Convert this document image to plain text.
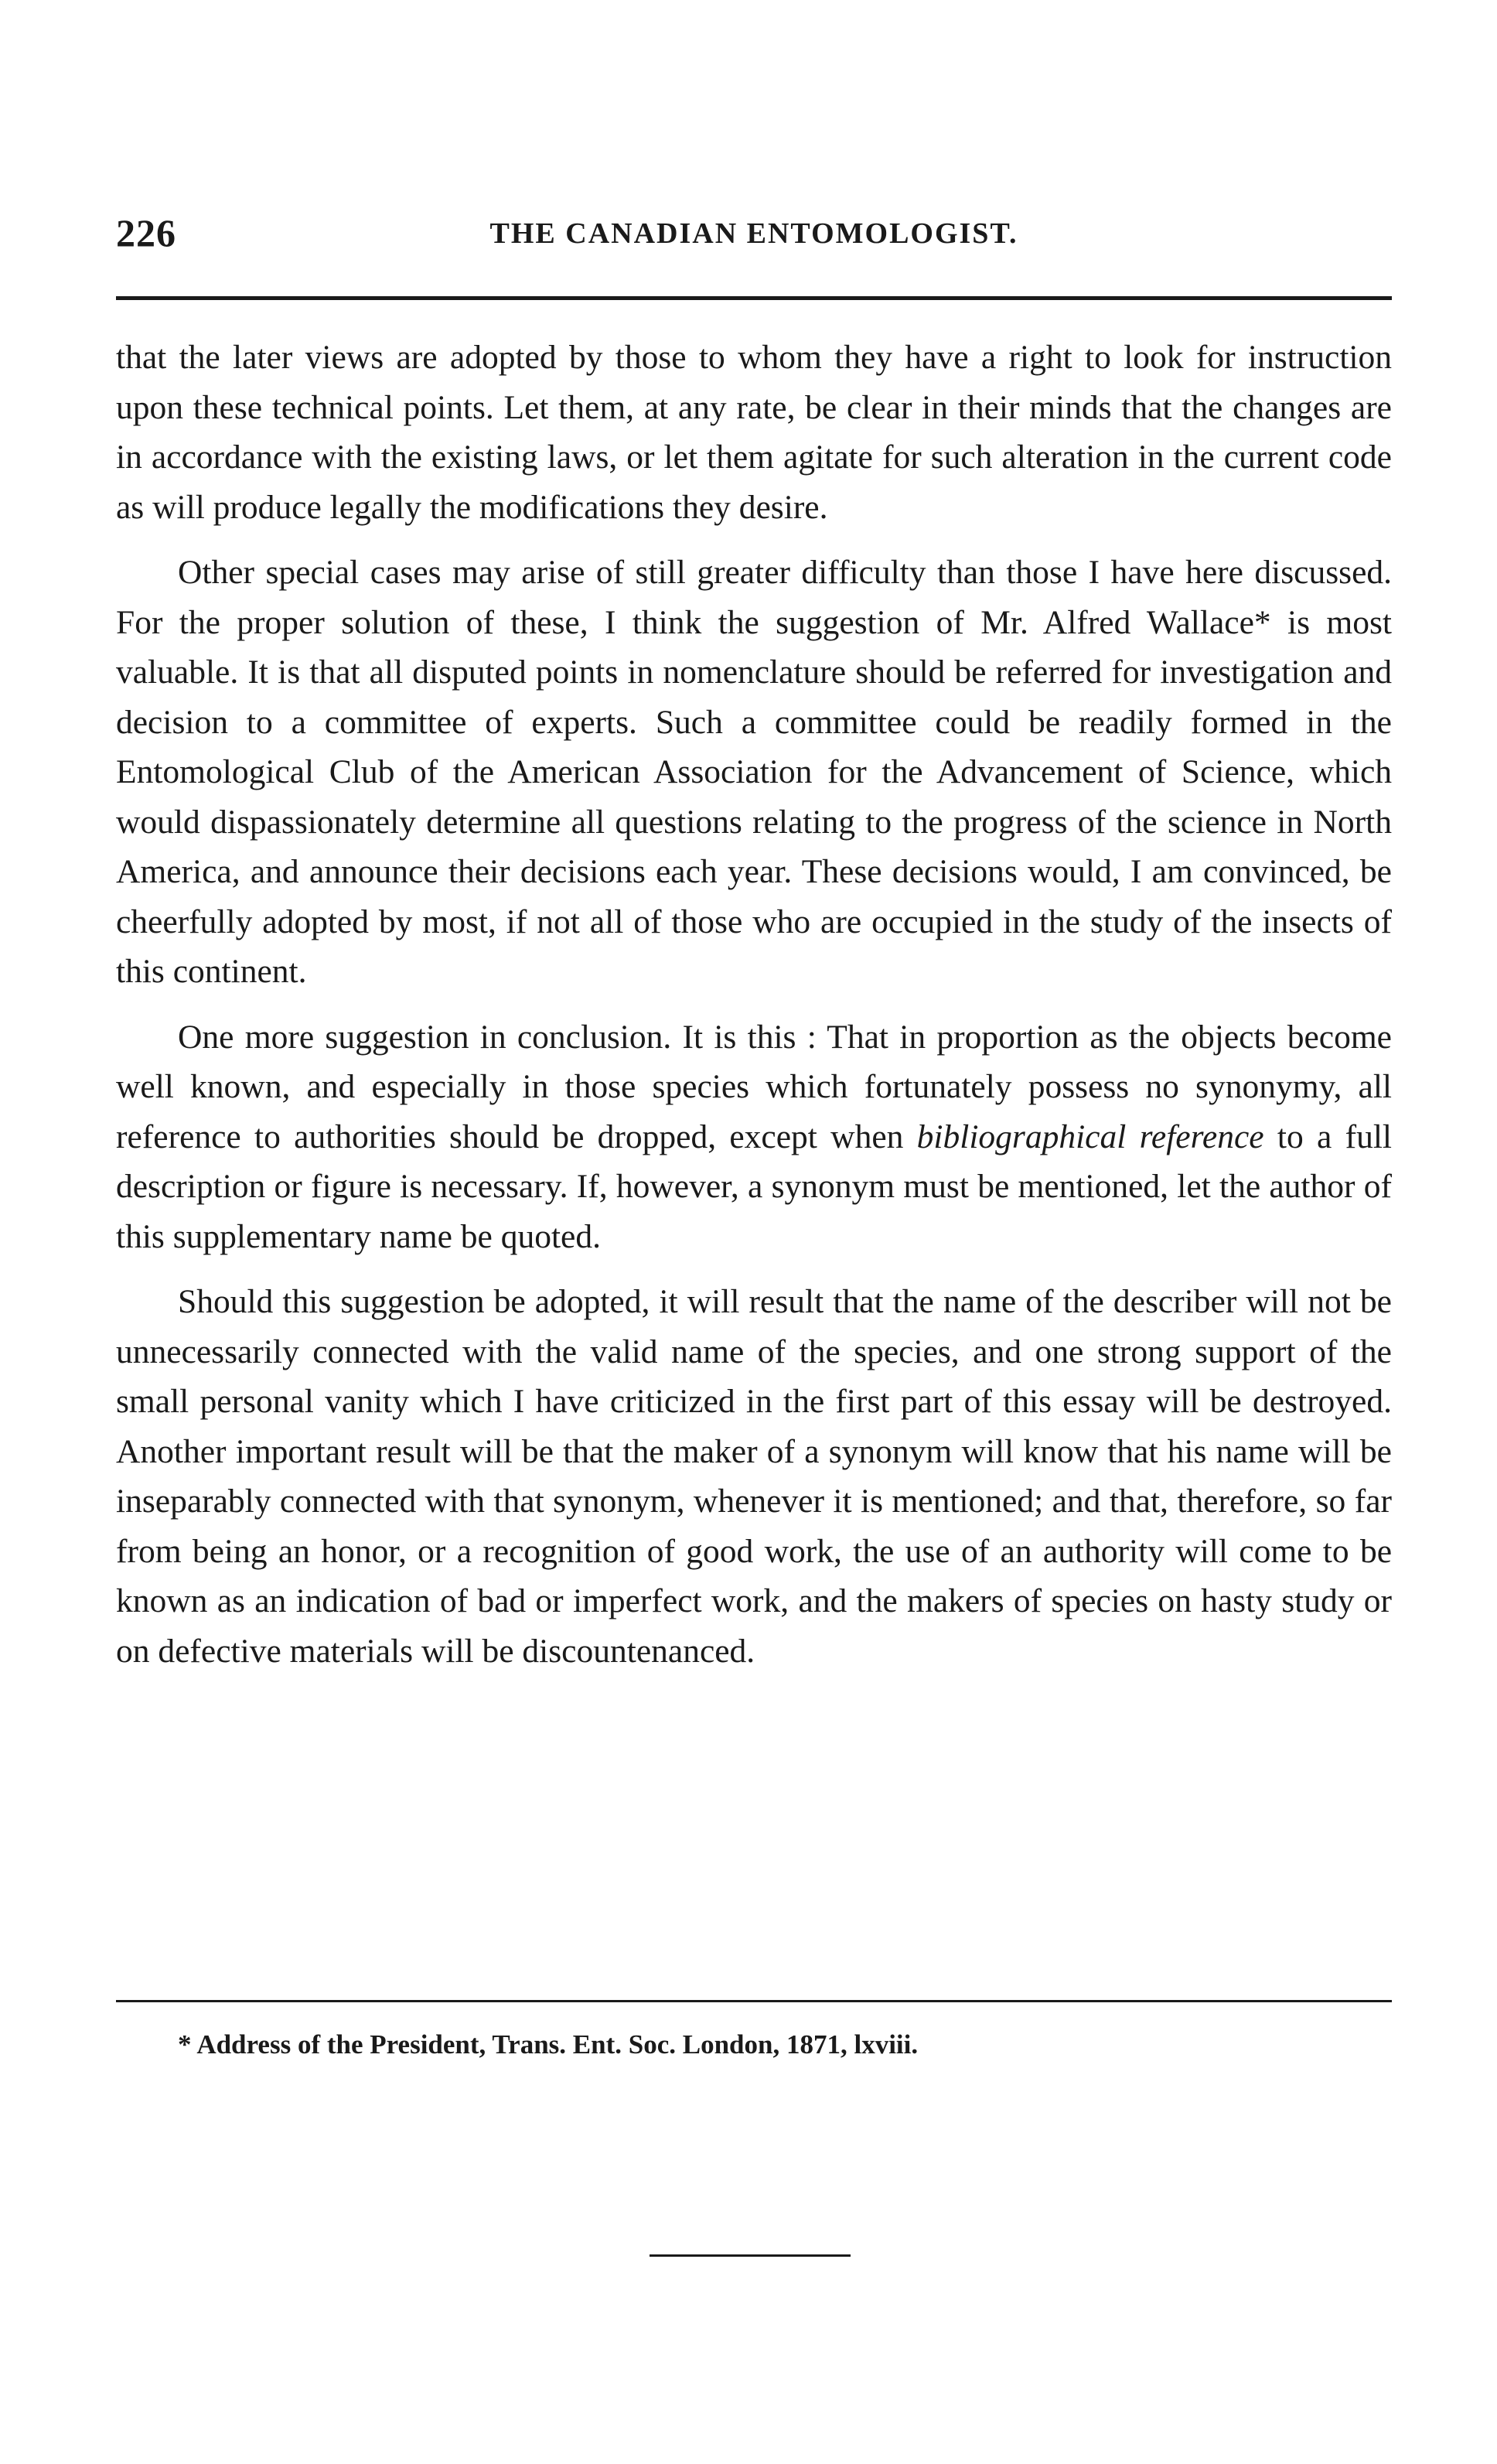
226	THE CANADIAN ENTOMOLOGIST.

that the later views are adopted by those to whom they have a right to look for instruction upon these technical points. Let them, at any rate, be clear in their minds that the changes are in accordance with the existing laws, or let them agitate for such alteration in the current code as will produce legally the modifications they desire.

Other special cases may arise of still greater difficulty than those I have here discussed. For the proper solution of these, I think the suggestion of Mr. Alfred Wallace* is most valuable. It is that all disputed points in nomenclature should be referred for investigation and decision to a committee of experts. Such a committee could be readily formed in the Entomological Club of the American Association for the Advancement of Science, which would dispassionately determine all questions relating to the progress of the science in North America, and announce their decisions each year. These decisions would, I am convinced, be cheerfully adopted by most, if not all of those who are occupied in the study of the insects of this continent.

One more suggestion in conclusion. It is this : That in proportion as the objects become well known, and especially in those species which fortunately possess no synonymy, all reference to authorities should be dropped, except when bibliographical reference to a full description or figure is necessary. If, however, a synonym must be mentioned, let the author of this supplementary name be quoted.

Should this suggestion be adopted, it will result that the name of the describer will not be unnecessarily connected with the valid name of the species, and one strong support of the small personal vanity which I have criticized in the first part of this essay will be destroyed. Another important result will be that the maker of a synonym will know that his name will be inseparably connected with that synonym, whenever it is mentioned; and that, therefore, so far from being an honor, or a recognition of good work, the use of an authority will come to be known as an indication of bad or imperfect work, and the makers of species on hasty study or on defective materials will be discountenanced.

* Address of the President, Trans. Ent. Soc. London, 1871, lxviii.
